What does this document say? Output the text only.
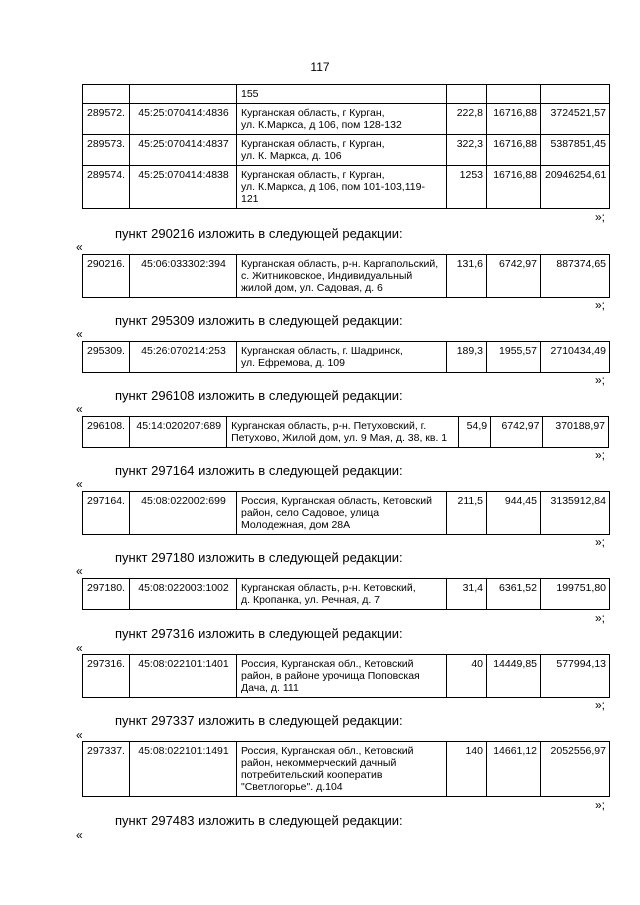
117
		155			
289572.	45:25:070414:4836	Курганская область, г Курган,
ул. К.Маркса, д 106, пом 128-132	222,8	16716,88	3724521,57
289573.	45:25:070414:4837	Курганская область, г Курган,
ул. К. Маркса, д. 106	322,3	16716,88	5387851,45
289574.	45:25:070414:4838	Курганская область, г Курган,
ул. К.Маркса, д 106, пом 101-103,119-
121	1253	16716,88	20946254,61
»;
пункт 290216 изложить в следующей редакции:
«
290216.	45:06:033302:394	Курганская область, р-н. Каргапольский,
с. Житниковское, Индивидуальный
жилой дом, ул. Садовая, д. 6	131,6	6742,97	887374,65
»;
пункт 295309 изложить в следующей редакции:
«
295309.	45:26:070214:253	Курганская область, г. Шадринск,
ул. Ефремова, д. 109	189,3	1955,57	2710434,49
»;
пункт 296108 изложить в следующей редакции:
«
296108.	45:14:020207:689	Курганская область, р-н. Петуховский, г.
Петухово, Жилой дом, ул. 9 Мая, д. 38, кв. 1	54,9	6742,97	370188,97
»;
пункт 297164 изложить в следующей редакции:
«
297164.	45:08:022002:699	Россия, Курганская область, Кетовский
район, село Садовое, улица
Молодежная, дом 28А	211,5	944,45	3135912,84
»;
пункт 297180 изложить в следующей редакции:
«
297180.	45:08:022003:1002	Курганская область, р-н. Кетовский,
д. Кропанка, ул. Речная, д. 7	31,4	6361,52	199751,80
»;
пункт 297316 изложить в следующей редакции:
«
297316.	45:08:022101:1401	Россия, Курганская обл., Кетовский
район, в районе урочища Поповская
Дача, д. 111	40	14449,85	577994,13
»;
пункт 297337 изложить в следующей редакции:
«
297337.	45:08:022101:1491	Россия, Курганская обл., Кетовский
район, некоммерческий дачный
потребительский кооператив
"Светлогорье". д.104	140	14661,12	2052556,97
»;
пункт 297483 изложить в следующей редакции:
«
